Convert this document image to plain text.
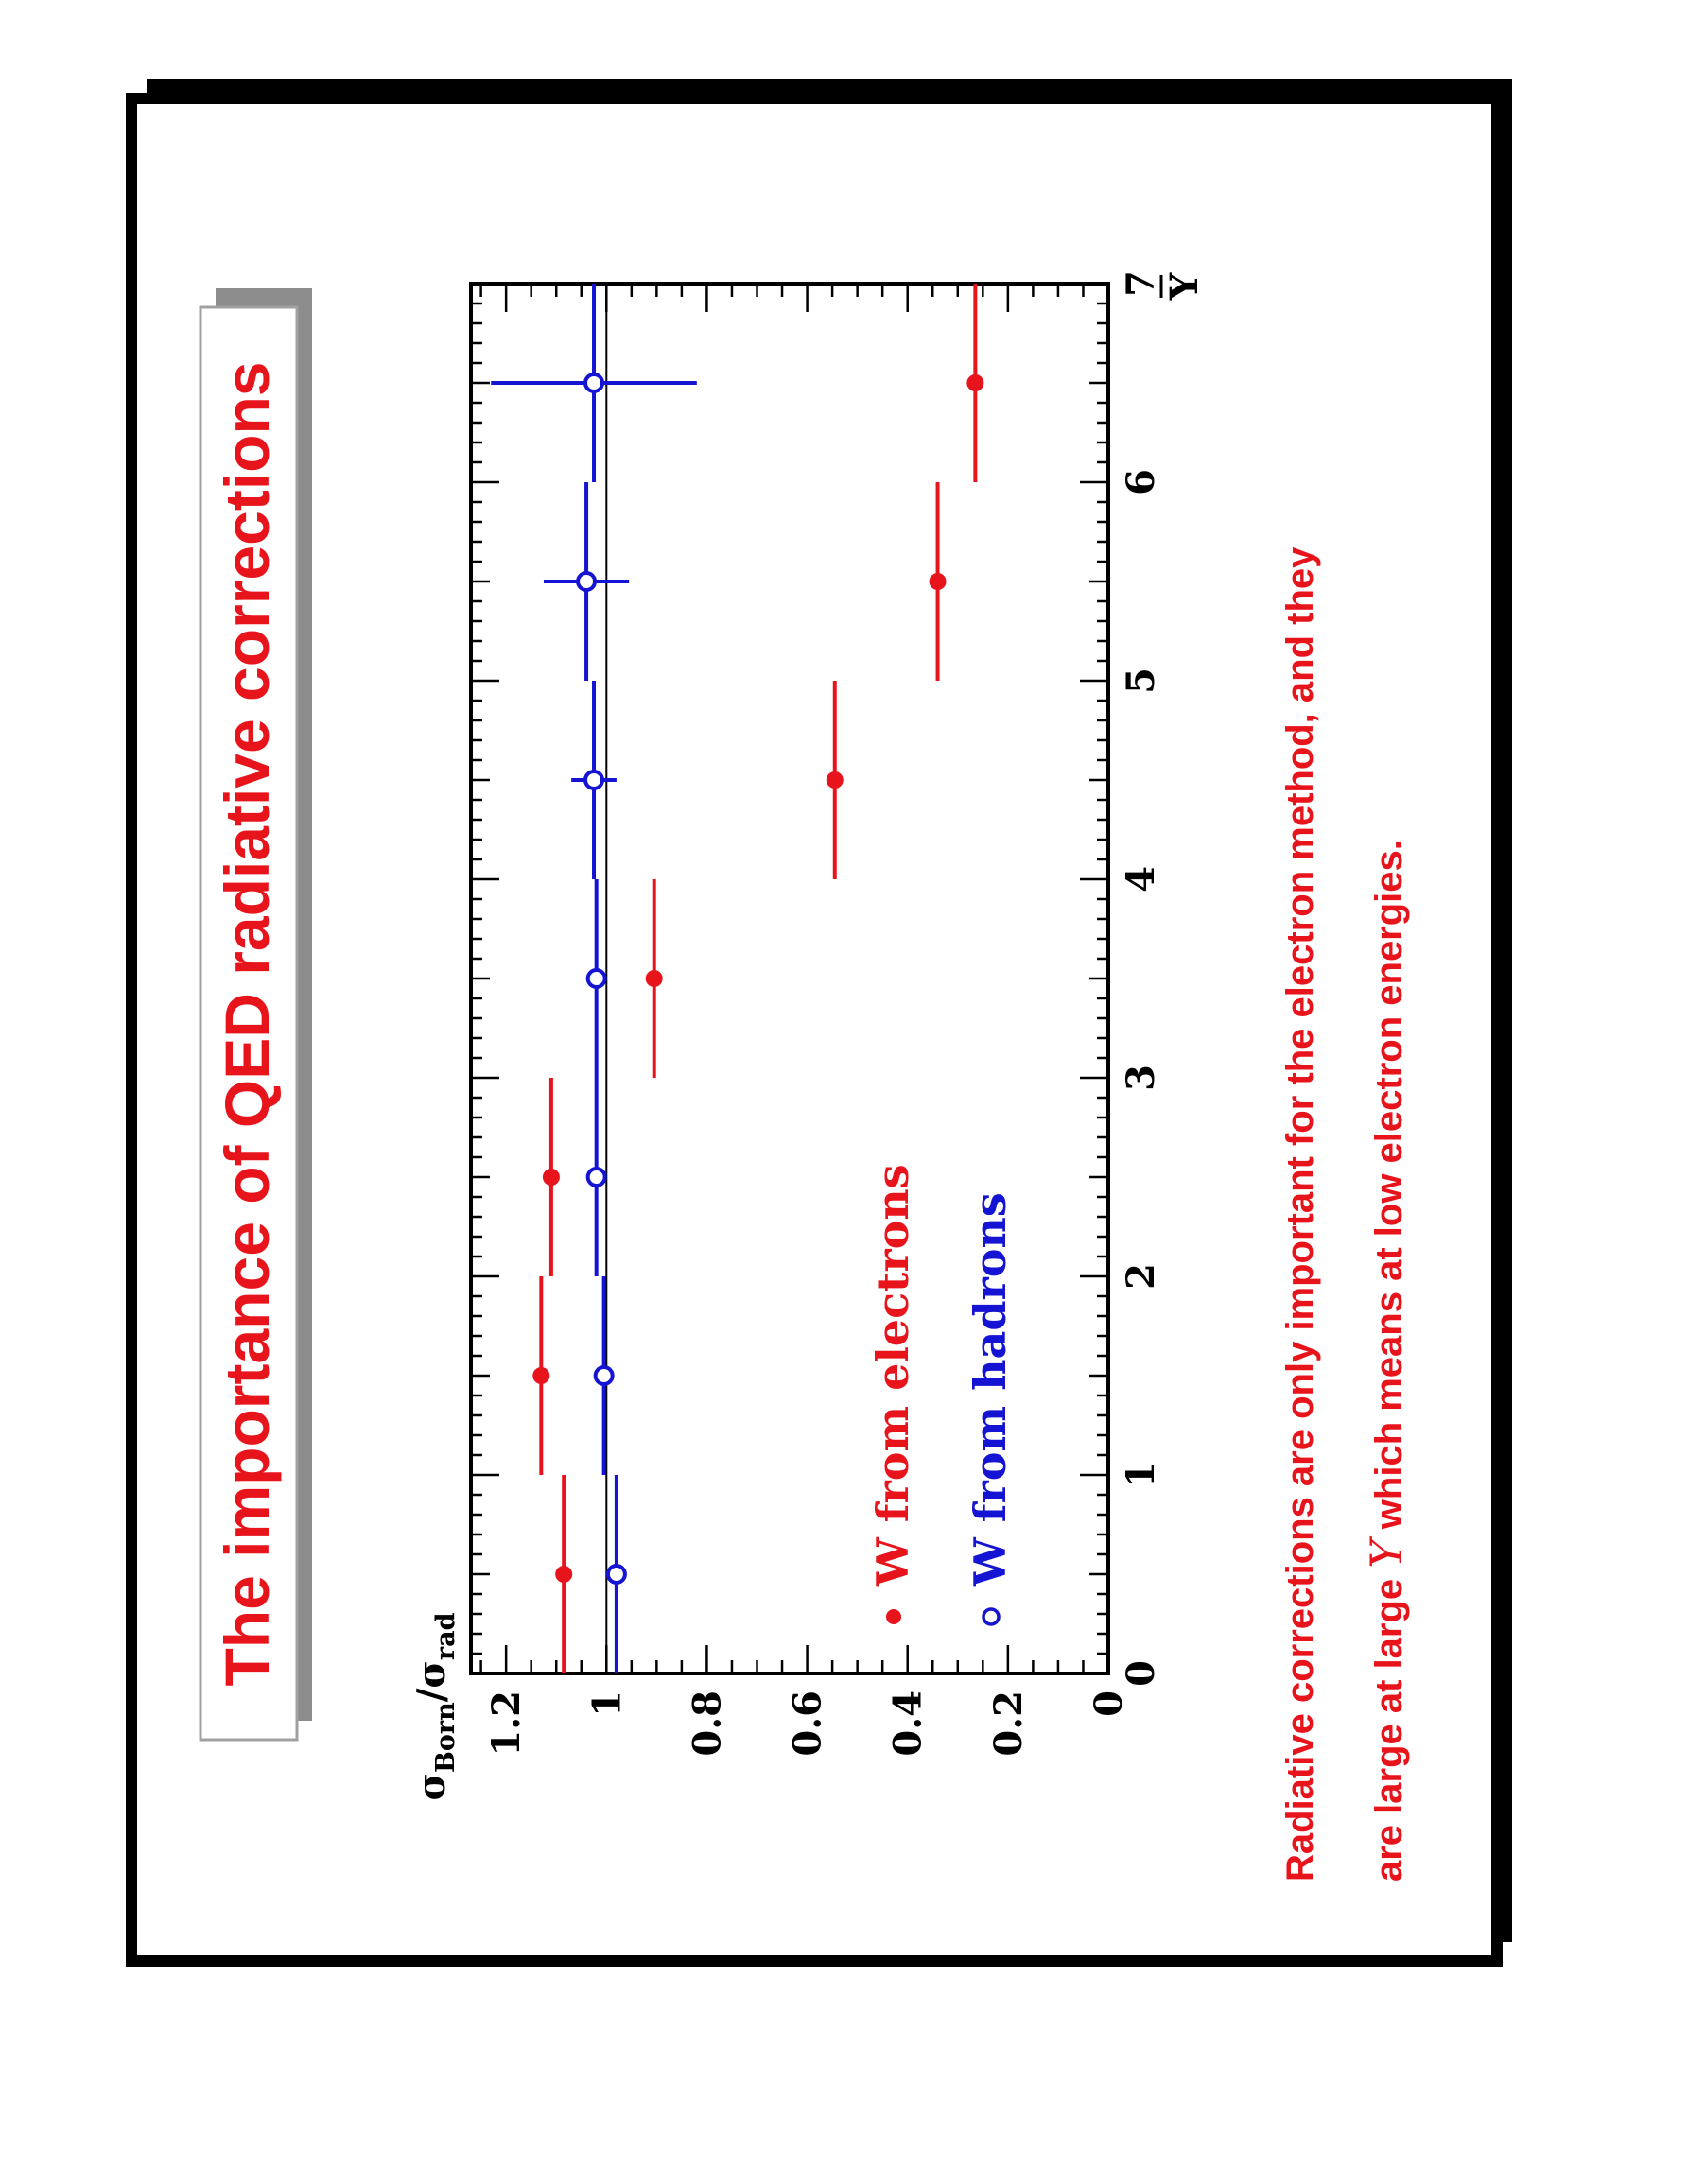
The importance of QED radiative corrections	0
1
2
3
4
5
6
7
0
0.2
0.4
0.6
0.8
1
1.2
Y
$\sigma_{Born}/\sigma_{rad}$
W from electrons W from hadrons	Radiative corrections are only important for the electron method, and they are large at large Y which means at low electron energies.
